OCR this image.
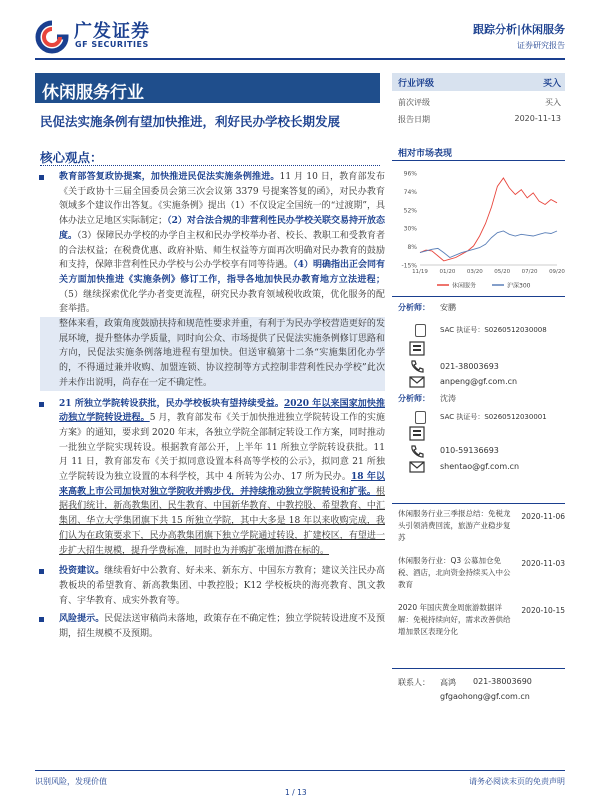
广发证券
GF SECURITIES
跟踪分析|休闲服务
证券研究报告
休闲服务行业
民促法实施条例有望加快推进，利好民办学校长期发展
核心观点：

教育部答复政协提案，加快推进民促法实施条例推进。11 月 10 日，教育部发布《关于政协十三届全国委员会第三次会议第 3379 号提案答复的函》，对民办教育领域多个建议作出答复。《实施条例》提出（1）不仅设定全国统一的“过渡期”，具体办法立足地区实际制定；（2）对合法合规的非营利性民办学校关联交易持开放态度。（3）保障民办学校的办学自主权和民办学校举办者、校长、教职工和受教育者的合法权益；在税费优惠、政府补贴、师生权益等方面再次明确对民办教育的鼓励和支持，保障非营利性民办学校与公办学校享有同等待遇。（4）明确指出正会同有关方面加快推进《实施条例》修订工作，指导各地加快民办教育地方立法进程；（5）继续探索优化学办者变更流程，研究民办教育领域税收政策，优化服务的配套举措。

整体来看，政策角度鼓励扶持和规范性要求并重，有利于为民办学校营造更好的发展环境，提升整体办学质量，同时向公众、市场提供了民促法实施条例修订思路和方向，民促法实施条例落地进程有望加快。但送审稿第十二条“实施集团化办学的，不得通过兼并收购、加盟连锁、协议控制等方式控制非营利性民办学校”此次并未作出说明，尚存在一定不确定性。

21 所独立学院转设获批，民办学校板块有望持续受益。2020 年以来国家加快推动独立学院转设进程。5 月，教育部发布《关于加快推进独立学院转设工作的实施方案》的通知，要求到 2020 年末，各独立学院全部制定转设工作方案，同时推动一批独立学院实现转设。根据教育部公开，上半年 11 所独立学院转设获批。11 月 11 日，教育部发布《关于拟同意设置本科高等学校的公示》，拟同意 21 所独立学院转设为独立设置的本科学校，其中 4 所转为公办、17 所为民办。18 年以来高教上市公司加快对独立学院收并购步伐，并持续推动独立学院转设和扩张。根据我们统计，新高教集团、民生教育、中国新华教育、中教控股、希望教育、中汇集团、华立大学集团旗下共 15 所独立学院，其中大多是 18 年以来收购完成，我们认为在政策要求下，民办高教集团旗下独立学院通过转设，扩建校区，有望进一步扩大招生规模，提升学费标准，同时也为并购扩张增加潜在标的。

投资建议。继续看好中公教育、好未来、新东方、中国东方教育；建议关注民办高教板块的希望教育、新高教集团、中教控股；K12 学校板块的海亮教育、凯文教育、宇华教育、成实外教育等。

风险提示。民促法送审稿尚未落地，政策存在不确定性；独立学院转设进度不及预期，招生规模不及预期。

行业评级	买入
前次评级	买入
报告日期	2020-11-13
相对市场表现
96%
74%
52%
30%
8%
-15%
11/19 01/20 03/20 05/20 07/20 09/20
休闲服务	沪深300
分析师： 安鹏
SAC 执证号：S0260512030008
021-38003693
anpeng@gf.com.cn
分析师： 沈涛
SAC 执证号：S0260512030001
010-59136693
shentao@gf.com.cn
休闲服务行业三季报总结：免税龙头引领消费回流，旅游产业稳步复苏
2020-11-06
休闲服务行业：Q3 公募加仓免税、酒店，北向资金持续买入中公教育
2020-11-03
2020 年国庆黄金周旅游数据详解：免税持续向好，需求改善供给增加景区表现分化
2020-10-15
联系人： 高鸿 021-38003690
gfgaohong@gf.com.cn
识别风险，发现价值	请务必阅读末页的免责声明
1 / 13
